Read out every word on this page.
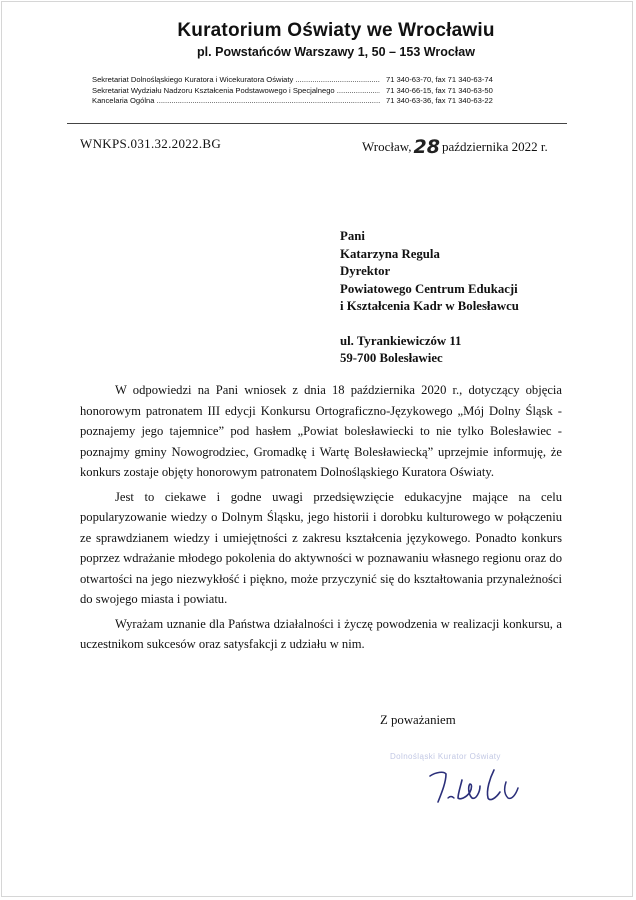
Kuratorium Oświaty we Wrocławiu
pl. Powstańców Warszawy 1, 50 – 153 Wrocław
Sekretariat Dolnośląskiego Kuratora i Wicekuratora Oświaty .....	71 340-63-70, fax 71 340-63-74
Sekretariat Wydziału Nadzoru Kształcenia Podstawowego i Specjalnego .....	71 340-66-15, fax 71 340-63-50
Kancelaria Ogólna .....	71 340-63-36, fax 71 340-63-22
WNKPS.031.32.2022.BG	Wrocław, 28 października 2022 r.
Pani
Katarzyna Regula
Dyrektor
Powiatowego Centrum Edukacji
i Kształcenia Kadr w Bolesławcu
ul. Tyrankiewiczów 11
59-700 Bolesławiec

W odpowiedzi na Pani wniosek z dnia 18 października 2020 r., dotyczący objęcia honorowym patronatem III edycji Konkursu Ortograficzno-Językowego „Mój Dolny Śląsk - poznajemy jego tajemnice” pod hasłem „Powiat bolesławiecki to nie tylko Bolesławiec - poznajmy gminy Nowogrodziec, Gromadkę i Wartę Bolesławiecką” uprzejmie informuję, że konkurs zostaje objęty honorowym patronatem Dolnośląskiego Kuratora Oświaty.

Jest to ciekawe i godne uwagi przedsięwzięcie edukacyjne mające na celu popularyzowanie wiedzy o Dolnym Śląsku, jego historii i dorobku kulturowego w połączeniu ze sprawdzianem wiedzy i umiejętności z zakresu kształcenia językowego. Ponadto konkurs poprzez wdrażanie młodego pokolenia do aktywności w poznawaniu własnego regionu oraz do otwartości na jego niezwykłość i piękno, może przyczynić się do kształtowania przynależności do swojego miasta i powiatu.

Wyrażam uznanie dla Państwa działalności i życzę powodzenia w realizacji konkursu, a uczestnikom sukcesów oraz satysfakcji z udziału w nim.

Z poważaniem
Dolnośląski Kurator Oświaty
